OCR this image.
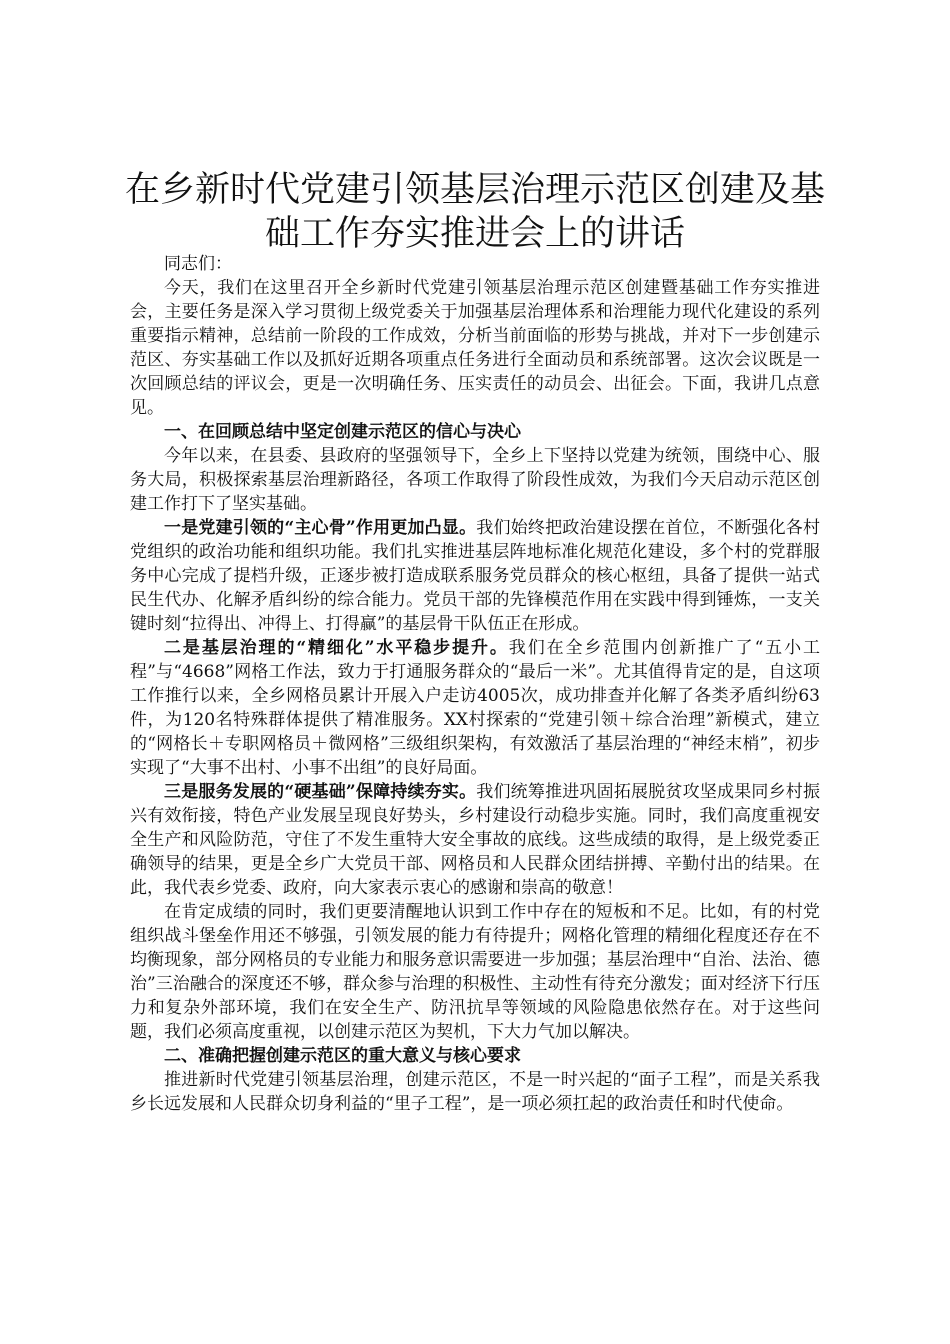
在乡新时代党建引领基层治理示范区创建及基础工作夯实推进会上的讲话

同志们：

今天，我们在这里召开全乡新时代党建引领基层治理示范区创建暨基础工作夯实推进会，主要任务是深入学习贯彻上级党委关于加强基层治理体系和治理能力现代化建设的系列重要指示精神，总结前一阶段的工作成效，分析当前面临的形势与挑战，并对下一步创建示范区、夯实基础工作以及抓好近期各项重点任务进行全面动员和系统部署。这次会议既是一次回顾总结的评议会，更是一次明确任务、压实责任的动员会、出征会。下面，我讲几点意见。

一、在回顾总结中坚定创建示范区的信心与决心

今年以来，在县委、县政府的坚强领导下，全乡上下坚持以党建为统领，围绕中心、服务大局，积极探索基层治理新路径，各项工作取得了阶段性成效，为我们今天启动示范区创建工作打下了坚实基础。

一是党建引领的“主心骨”作用更加凸显。我们始终把政治建设摆在首位，不断强化各村党组织的政治功能和组织功能。我们扎实推进基层阵地标准化规范化建设，多个村的党群服务中心完成了提档升级，正逐步被打造成联系服务党员群众的核心枢纽，具备了提供一站式民生代办、化解矛盾纠纷的综合能力。党员干部的先锋模范作用在实践中得到锤炼，一支关键时刻“拉得出、冲得上、打得赢”的基层骨干队伍正在形成。

二是基层治理的“精细化”水平稳步提升。我们在全乡范围内创新推广了“五小工程”与“4668”网格工作法，致力于打通服务群众的“最后一米”。尤其值得肯定的是，自这项工作推行以来，全乡网格员累计开展入户走访4005次，成功排查并化解了各类矛盾纠纷63件，为120名特殊群体提供了精准服务。XX村探索的“党建引领＋综合治理”新模式，建立的“网格长＋专职网格员＋微网格”三级组织架构，有效激活了基层治理的“神经末梢”，初步实现了“大事不出村、小事不出组”的良好局面。

三是服务发展的“硬基础”保障持续夯实。我们统筹推进巩固拓展脱贫攻坚成果同乡村振兴有效衔接，特色产业发展呈现良好势头，乡村建设行动稳步实施。同时，我们高度重视安全生产和风险防范，守住了不发生重特大安全事故的底线。这些成绩的取得，是上级党委正确领导的结果，更是全乡广大党员干部、网格员和人民群众团结拼搏、辛勤付出的结果。在此，我代表乡党委、政府，向大家表示衷心的感谢和崇高的敬意！

在肯定成绩的同时，我们更要清醒地认识到工作中存在的短板和不足。比如，有的村党组织战斗堡垒作用还不够强，引领发展的能力有待提升；网格化管理的精细化程度还存在不均衡现象，部分网格员的专业能力和服务意识需要进一步加强；基层治理中“自治、法治、德治”三治融合的深度还不够，群众参与治理的积极性、主动性有待充分激发；面对经济下行压力和复杂外部环境，我们在安全生产、防汛抗旱等领域的风险隐患依然存在。对于这些问题，我们必须高度重视，以创建示范区为契机，下大力气加以解决。

二、准确把握创建示范区的重大意义与核心要求

推进新时代党建引领基层治理，创建示范区，不是一时兴起的“面子工程”，而是关系我乡长远发展和人民群众切身利益的“里子工程”，是一项必须扛起的政治责任和时代使命。
